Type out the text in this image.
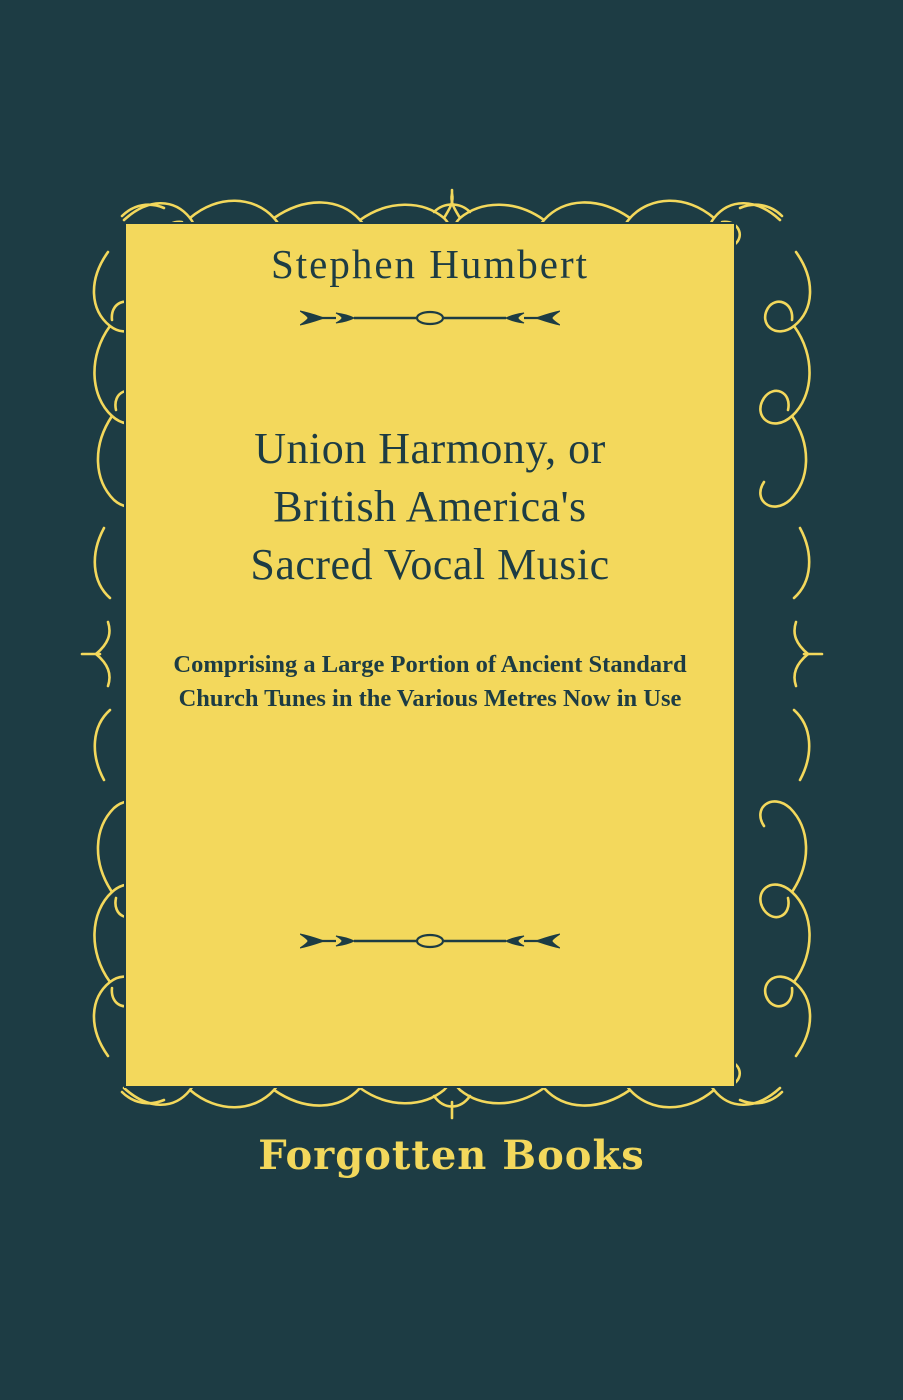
Stephen Humbert
Union Harmony, or
British America's
Sacred Vocal Music
Comprising a Large Portion of Ancient Standard
Church Tunes in the Various Metres Now in Use
Forgotten Books
